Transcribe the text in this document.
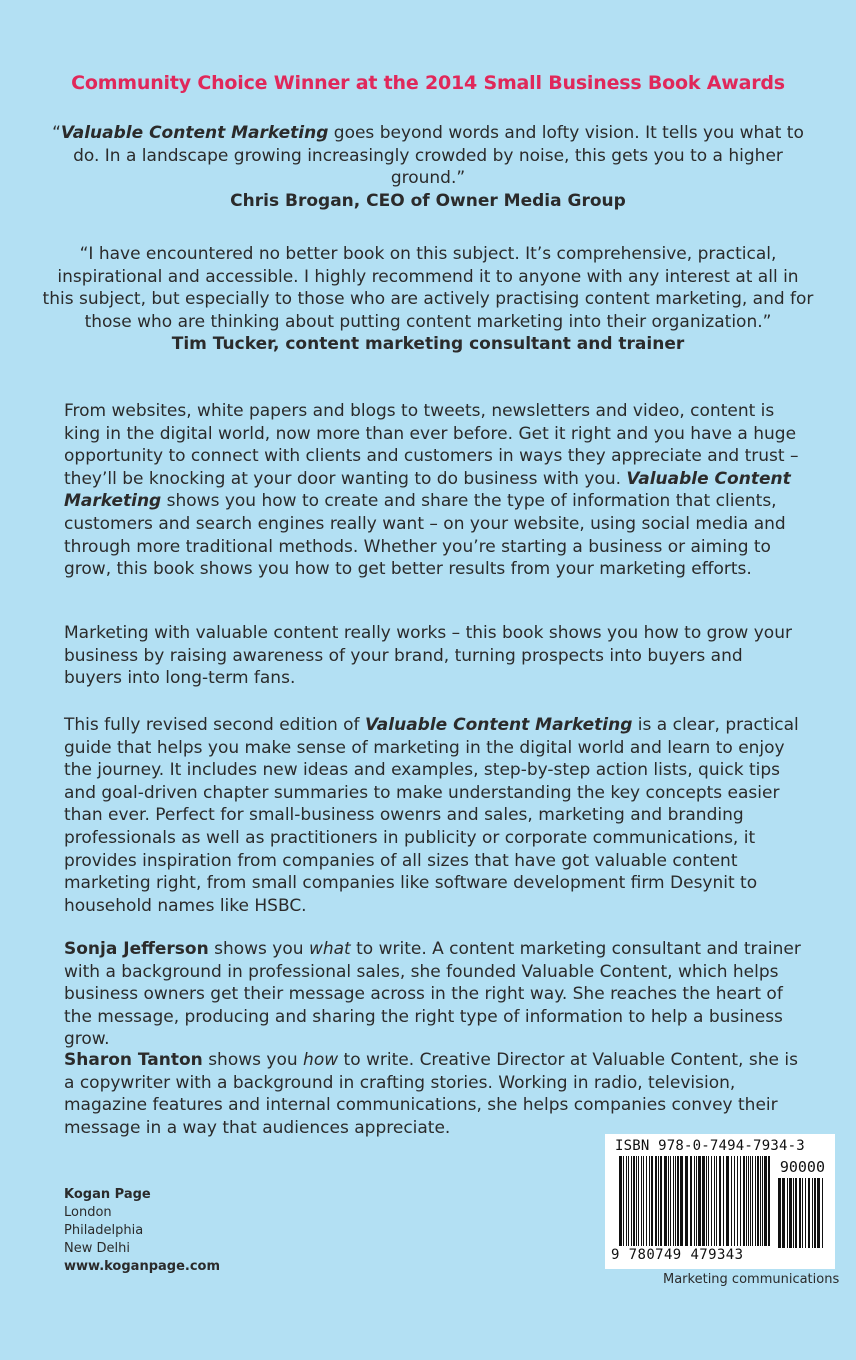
Community Choice Winner at the 2014 Small Business Book Awards
“Valuable Content Marketing goes beyond words and lofty vision. It tells you what to do. In a landscape growing increasingly crowded by noise, this gets you to a higher ground.”
Chris Brogan, CEO of Owner Media Group
“I have encountered no better book on this subject. It’s comprehensive, practical, inspirational and accessible. I highly recommend it to anyone with any interest at all in this subject, but especially to those who are actively practising content marketing, and for those who are thinking about putting content marketing into their organization.”
Tim Tucker, content marketing consultant and trainer
From websites, white papers and blogs to tweets, newsletters and video, content is king in the digital world, now more than ever before. Get it right and you have a huge opportunity to connect with clients and customers in ways they appreciate and trust – they’ll be knocking at your door wanting to do business with you. Valuable Content Marketing shows you how to create and share the type of information that clients, customers and search engines really want – on your website, using social media and through more traditional methods. Whether you’re starting a business or aiming to grow, this book shows you how to get better results from your marketing efforts.
Marketing with valuable content really works – this book shows you how to grow your business by raising awareness of your brand, turning prospects into buyers and buyers into long-term fans.
This fully revised second edition of Valuable Content Marketing is a clear, practical guide that helps you make sense of marketing in the digital world and learn to enjoy the journey. It includes new ideas and examples, step-by-step action lists, quick tips and goal-driven chapter summaries to make understanding the key concepts easier than ever. Perfect for small-business owenrs and sales, marketing and branding professionals as well as practitioners in publicity or corporate communications, it provides inspiration from companies of all sizes that have got valuable content marketing right, from small companies like software development firm Desynit to household names like HSBC.
Sonja Jefferson shows you what to write. A content marketing consultant and trainer with a background in professional sales, she founded Valuable Content, which helps business owners get their message across in the right way. She reaches the heart of the message, producing and sharing the right type of information to help a business grow.
Sharon Tanton shows you how to write. Creative Director at Valuable Content, she is a copywriter with a background in crafting stories. Working in radio, television, magazine features and internal communications, she helps companies convey their message in a way that audiences appreciate.
Kogan Page
London
Philadelphia
New Delhi
www.koganpage.com
ISBN 978-0-7494-7934-3
90000
9 780749 479343
Marketing communications
